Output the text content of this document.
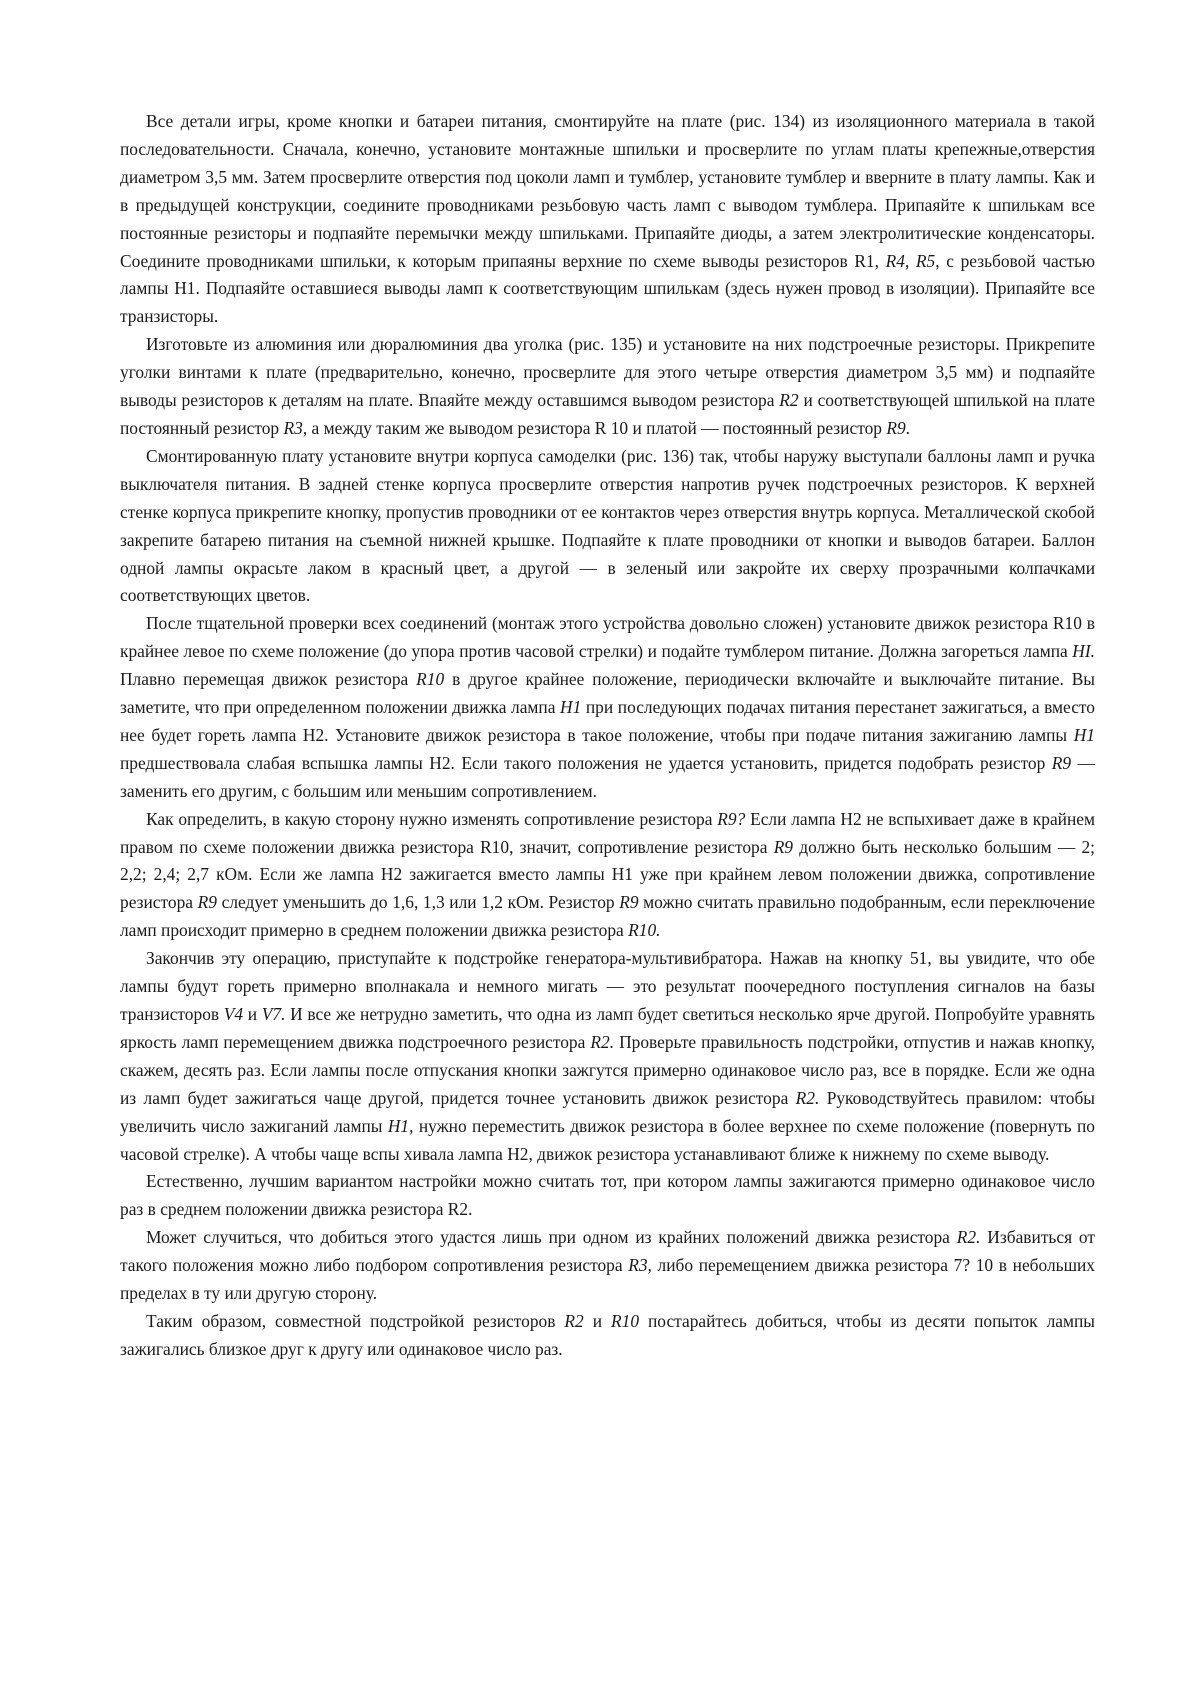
Все детали игры, кроме кнопки и батареи питания, смонтируйте на плате (рис. 134) из изоляционного материала в такой последовательности. Сначала, конечно, установите монтажные шпильки и просверлите по углам платы крепежные,отверстия диаметром 3,5 мм. Затем просверлите отверстия под цоколи ламп и тумблер, установите тумблер и вверните в плату лампы. Как и в предыдущей конструкции, соедините проводниками резьбовую часть ламп с выводом тумблера. Припаяйте к шпилькам все постоянные резисторы и подпаяйте перемычки между шпильками. Припаяйте диоды, а затем электролитические конденсаторы. Соедините проводниками шпильки, к которым припаяны верхние по схеме выводы резисторов R1, R4, R5, с резьбовой частью лампы Н1. Подпаяйте оставшиеся выводы ламп к соответствующим шпилькам (здесь нужен провод в изоляции). Припаяйте все транзисторы.

Изготовьте из алюминия или дюралюминия два уголка (рис. 135) и установите на них подстроечные резисторы. Прикрепите уголки винтами к плате (предварительно, конечно, просверлите для этого четыре отверстия диаметром 3,5 мм) и подпаяйте выводы резисторов к деталям на плате. Впаяйте между оставшимся выводом резистора R2 и соответствующей шпилькой на плате постоянный резистор R3, а между таким же выводом резистора R 10 и платой — постоянный резистор R9.

Смонтированную плату установите внутри корпуса самоделки (рис. 136) так, чтобы наружу выступали баллоны ламп и ручка выключателя питания. В задней стенке корпуса просверлите отверстия напротив ручек подстроечных резисторов. К верхней стенке корпуса прикрепите кнопку, пропустив проводники от ее контактов через отверстия внутрь корпуса. Металлической скобой закрепите батарею питания на съемной нижней крышке. Подпаяйте к плате проводники от кнопки и выводов батареи. Баллон одной лампы окрасьте лаком в красный цвет, а другой — в зеленый или закройте их сверху прозрачными колпачками соответствующих цветов.

После тщательной проверки всех соединений (монтаж этого устройства довольно сложен) установите движок резистора R10 в крайнее левое по схеме положение (до упора против часовой стрелки) и подайте тумблером питание. Должна загореться лампа HI. Плавно перемещая движок резистора R10 в другое крайнее положение, периодически включайте и выключайте питание. Вы заметите, что при определенном положении движка лампа H1 при последующих подачах питания перестанет зажигаться, а вместо нее будет гореть лампа Н2. Установите движок резистора в такое положение, чтобы при подаче питания зажиганию лампы H1 предшествовала слабая вспышка лампы Н2. Если такого положения не удается установить, придется подобрать резистор R9 — заменить его другим, с большим или меньшим сопротивлением.

Как определить, в какую сторону нужно изменять сопротивление резистора R9? Если лампа Н2 не вспыхивает даже в крайнем правом по схеме положении движка резистора R10, значит, сопротивление резистора R9 должно быть несколько большим — 2; 2,2; 2,4; 2,7 кОм. Если же лампа Н2 зажигается вместо лампы Н1 уже при крайнем левом положении движка, сопротивление резистора R9 следует уменьшить до 1,6, 1,3 или 1,2 кОм. Резистор R9 можно считать правильно подобранным, если переключение ламп происходит примерно в среднем положении движка резистора R10.

Закончив эту операцию, приступайте к подстройке генератора-мультивибратора. Нажав на кнопку 51, вы увидите, что обе лампы будут гореть примерно вполнакала и немного мигать — это результат поочередного поступления сигналов на базы транзисторов V4 и V7. И все же нетрудно заметить, что одна из ламп будет светиться несколько ярче другой. Попробуйте уравнять яркость ламп перемещением движка подстроечного резистора R2. Проверьте правильность подстройки, отпустив и нажав кнопку, скажем, десять раз. Если лампы после отпускания кнопки зажгутся примерно одинаковое число раз, все в порядке. Если же одна из ламп будет зажигаться чаще другой, придется точнее установить движок резистора R2. Руководствуйтесь правилом: чтобы увеличить число зажиганий лампы H1, нужно переместить движок резистора в более верхнее по схеме положение (повернуть по часовой стрелке). А чтобы чаще вспы хивала лампа Н2, движок резистора устанавливают ближе к нижнему по схеме выводу.

Естественно, лучшим вариантом настройки можно считать тот, при котором лампы зажигаются примерно одинаковое число раз в среднем положении движка резистора R2.

Может случиться, что добиться этого удастся лишь при одном из крайних положений движка резистора R2. Избавиться от такого положения можно либо подбором сопротивления резистора R3, либо перемещением движка резистора 7? 10 в небольших пределах в ту или другую сторону.

Таким образом, совместной подстройкой резисторов R2 и R10 постарайтесь добиться, чтобы из десяти попыток лампы зажигались близкое друг к другу или одинаковое число раз.
